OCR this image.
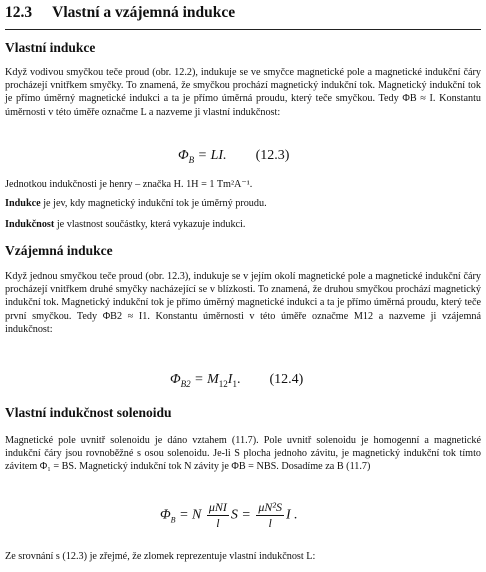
12.3 Vlastní a vzájemná indukce
Vlastní indukce

Když vodivou smyčkou teče proud (obr. 12.2), indukuje se ve smyčce magnetické pole a magnetické indukční čáry procházejí vnitřkem smyčky. To znamená, že smyčkou prochází magnetický indukční tok. Magnetický indukční tok je přímo úměrný magnetické indukci a ta je přímo úměrná proudu, který teče smyčkou. Tedy ΦB ≈ I. Konstantu úměrnosti v této úměře označme L a nazveme ji vlastní indukčnost:

$\Phi_B$ = LI. (12.3)

Jednotkou indukčnosti je henry – značka H. 1H = 1 Tm²A⁻¹.

Indukce je jev, kdy magnetický indukční tok je úměrný proudu.

Indukčnost je vlastnost součástky, která vykazuje indukci.

Vzájemná indukce

Když jednou smyčkou teče proud (obr. 12.3), indukuje se v jejím okolí magnetické pole a magnetické indukční čáry procházejí vnitřkem druhé smyčky nacházející se v blízkosti. To znamená, že druhou smyčkou prochází magnetický indukční tok. Magnetický indukční tok je přímo úměrný magnetické indukci a ta je přímo úměrná proudu, který teče první smyčkou. Tedy ΦB2 ≈ I1. Konstantu úměrnosti v této úměře označme M12 a nazveme ji vzájemná indukčnost:

$\Phi_{B2} = M_{12}I_1$. (12.4)
Vlastní indukčnost solenoidu

Magnetické pole uvnitř solenoidu je dáno vztahem (11.7). Pole uvnitř solenoidu je homogenní a magnetické indukční čáry jsou rovnoběžné s osou solenoidu. Je-li S plocha jednoho závitu, je magnetický indukční tok tímto závitem Φ₁ = BS. Magnetický indukční tok N závity je ΦB = NBS. Dosadíme za B (11.7)

$\Phi_B = N \frac{\text{μNI}}{l}$ $S = \frac{\text{μN²S}}{l}$ I .

Ze srovnání s (12.3) je zřejmé, že zlomek reprezentuje vlastní indukčnost L:
